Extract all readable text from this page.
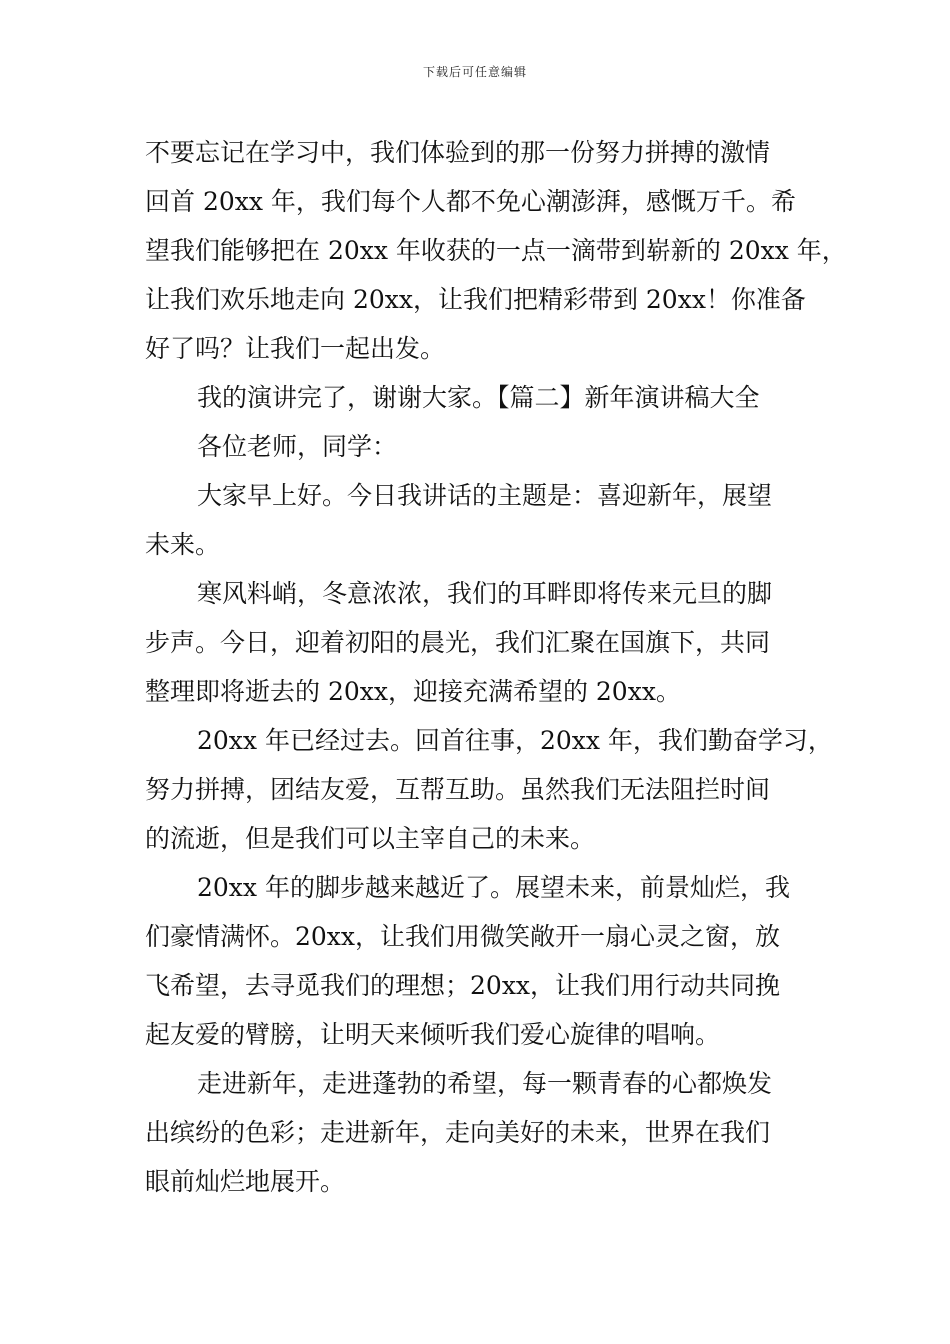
下载后可任意编辑

不要忘记在学习中，我们体验到的那一份努力拼搏的激情
回首 20xx 年，我们每个人都不免心潮澎湃，感慨万千。希
望我们能够把在 20xx 年收获的一点一滴带到崭新的 20xx 年，
让我们欢乐地走向 20xx，让我们把精彩带到 20xx！你准备
好了吗？让我们一起出发。

我的演讲完了，谢谢大家。【篇二】新年演讲稿大全

各位老师，同学：

大家早上好。今日我讲话的主题是：喜迎新年，展望
未来。

寒风料峭，冬意浓浓，我们的耳畔即将传来元旦的脚
步声。今日，迎着初阳的晨光，我们汇聚在国旗下，共同
整理即将逝去的 20xx，迎接充满希望的 20xx。

20xx 年已经过去。回首往事，20xx 年，我们勤奋学习，
努力拼搏，团结友爱，互帮互助。虽然我们无法阻拦时间
的流逝，但是我们可以主宰自己的未来。

20xx 年的脚步越来越近了。展望未来，前景灿烂，我
们豪情满怀。20xx，让我们用微笑敞开一扇心灵之窗，放
飞希望，去寻觅我们的理想；20xx，让我们用行动共同挽
起友爱的臂膀，让明天来倾听我们爱心旋律的唱响。

走进新年，走进蓬勃的希望，每一颗青春的心都焕发
出缤纷的色彩；走进新年，走向美好的未来，世界在我们
眼前灿烂地展开。
